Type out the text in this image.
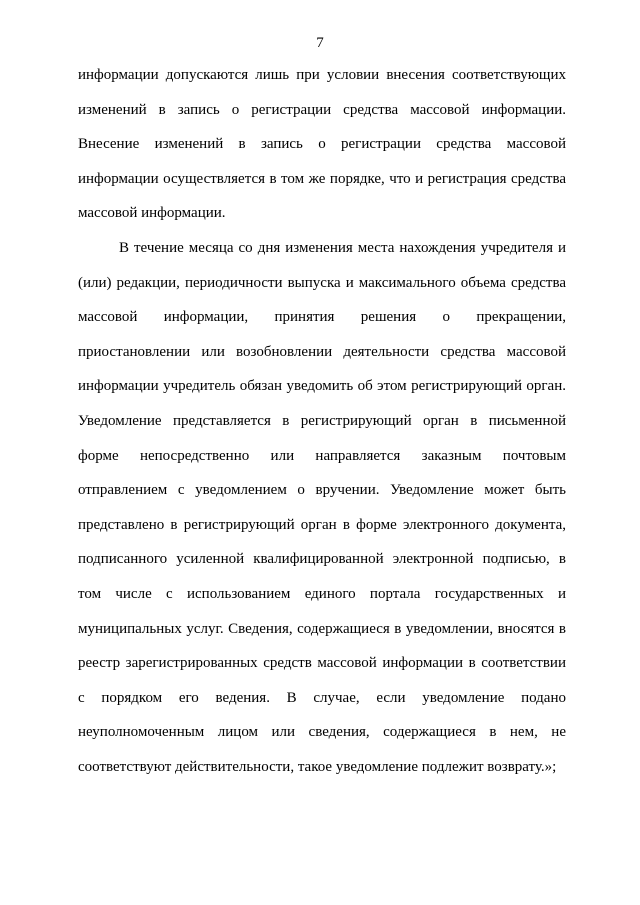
7
информации допускаются лишь при условии внесения соответствующих
изменений в запись о регистрации средства массовой информации.
Внесение изменений в запись о регистрации средства массовой
информации осуществляется в том же порядке, что и регистрация средства
массовой информации.
В течение месяца со дня изменения места нахождения учредителя и
(или) редакции, периодичности выпуска и максимального объема средства
массовой информации, принятия решения о прекращении,
приостановлении или возобновлении деятельности средства массовой
информации учредитель обязан уведомить об этом регистрирующий орган.
Уведомление представляется в регистрирующий орган в письменной
форме непосредственно или направляется заказным почтовым
отправлением с уведомлением о вручении. Уведомление может быть
представлено в регистрирующий орган в форме электронного документа,
подписанного усиленной квалифицированной электронной подписью, в
том числе с использованием единого портала государственных и
муниципальных услуг. Сведения, содержащиеся в уведомлении, вносятся в
реестр зарегистрированных средств массовой информации в соответствии
с порядком его ведения. В случае, если уведомление подано
неуполномоченным лицом или сведения, содержащиеся в нем, не
соответствуют действительности, такое уведомление подлежит возврату.»;
